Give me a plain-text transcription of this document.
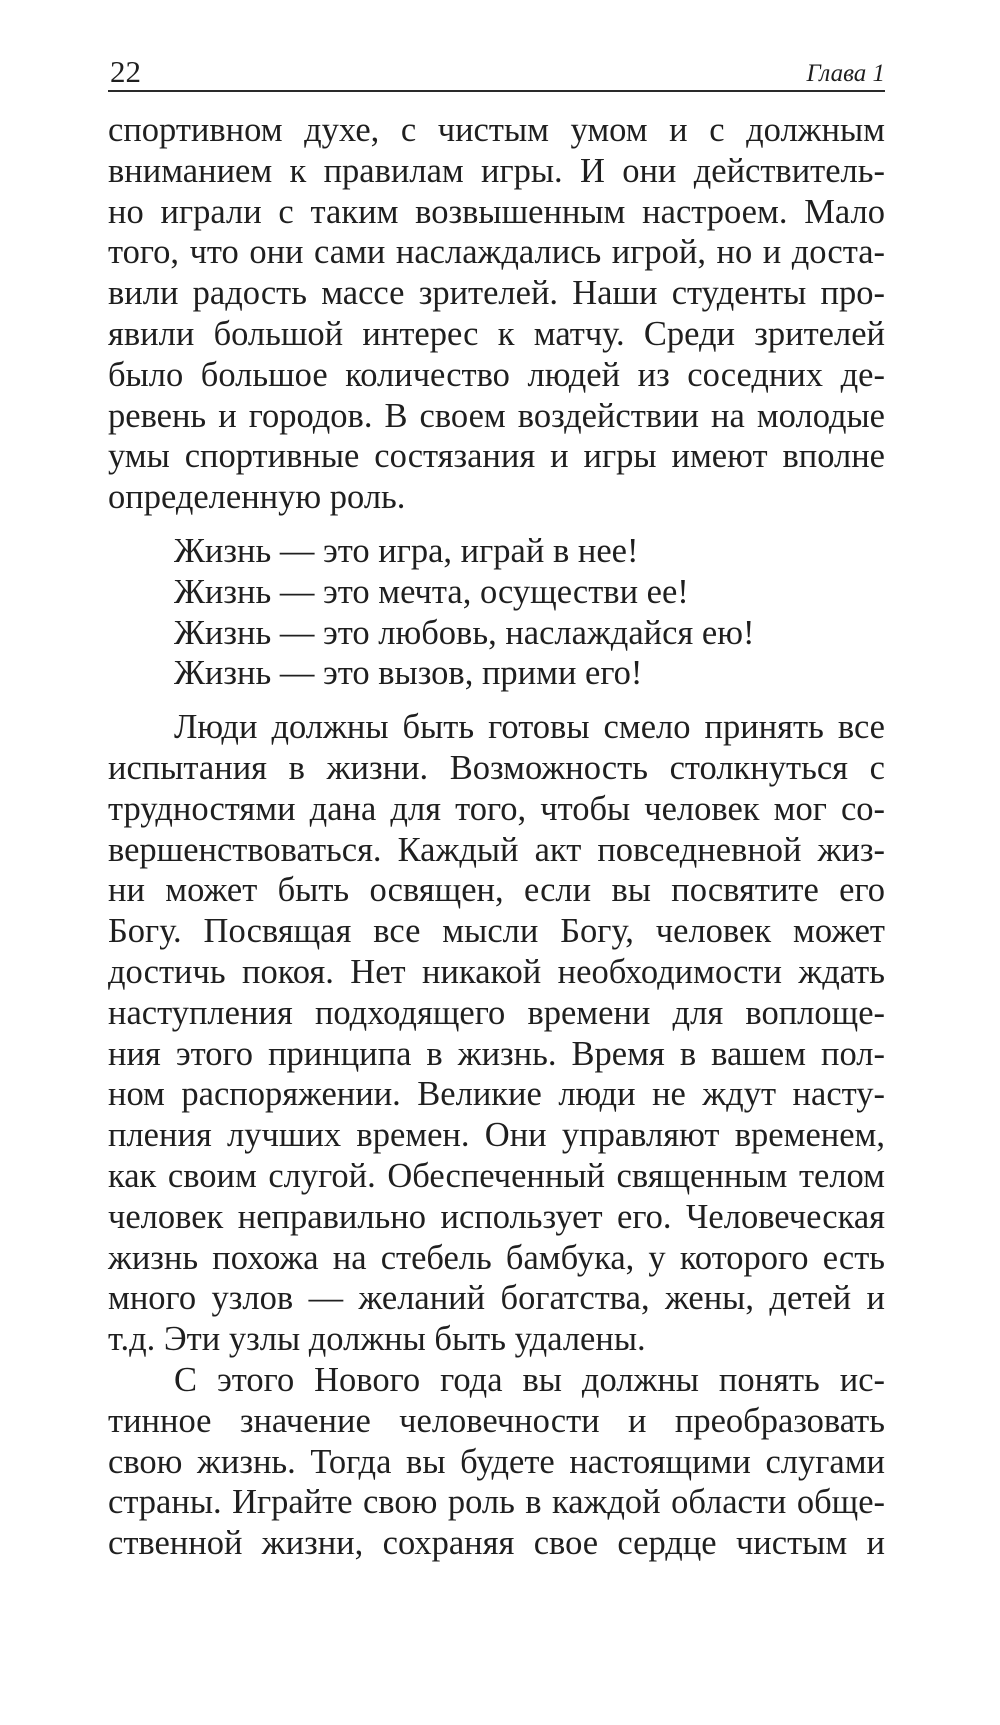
22	Глава 1
спортивном духе, с чистым умом и с должным
вниманием к правилам игры. И они действитель-
но играли с таким возвышенным настроем. Мало
того, что они сами наслаждались игрой, но и доста-
вили радость массе зрителей. Наши студенты про-
явили большой интерес к матчу. Среди зрителей
было большое количество людей из соседних де-
ревень и городов. В своем воздействии на молодые
умы спортивные состязания и игры имеют вполне
определенную роль.
Жизнь — это игра, играй в нее!
Жизнь — это мечта, осуществи ее!
Жизнь — это любовь, наслаждайся ею!
Жизнь — это вызов, прими его!
Люди должны быть готовы смело принять все
испытания в жизни. Возможность столкнуться с
трудностями дана для того, чтобы человек мог со-
вершенствоваться. Каждый акт повседневной жиз-
ни может быть освящен, если вы посвятите его
Богу. Посвящая все мысли Богу, человек может
достичь покоя. Нет никакой необходимости ждать
наступления подходящего времени для воплоще-
ния этого принципа в жизнь. Время в вашем пол-
ном распоряжении. Великие люди не ждут насту-
пления лучших времен. Они управляют временем,
как своим слугой. Обеспеченный священным телом
человек неправильно использует его. Человеческая
жизнь похожа на стебель бамбука, у которого есть
много узлов — желаний богатства, жены, детей и
т.д. Эти узлы должны быть удалены.
С этого Нового года вы должны понять ис-
тинное значение человечности и преобразовать
свою жизнь. Тогда вы будете настоящими слугами
страны. Играйте свою роль в каждой области обще-
ственной жизни, сохраняя свое сердце чистым и
